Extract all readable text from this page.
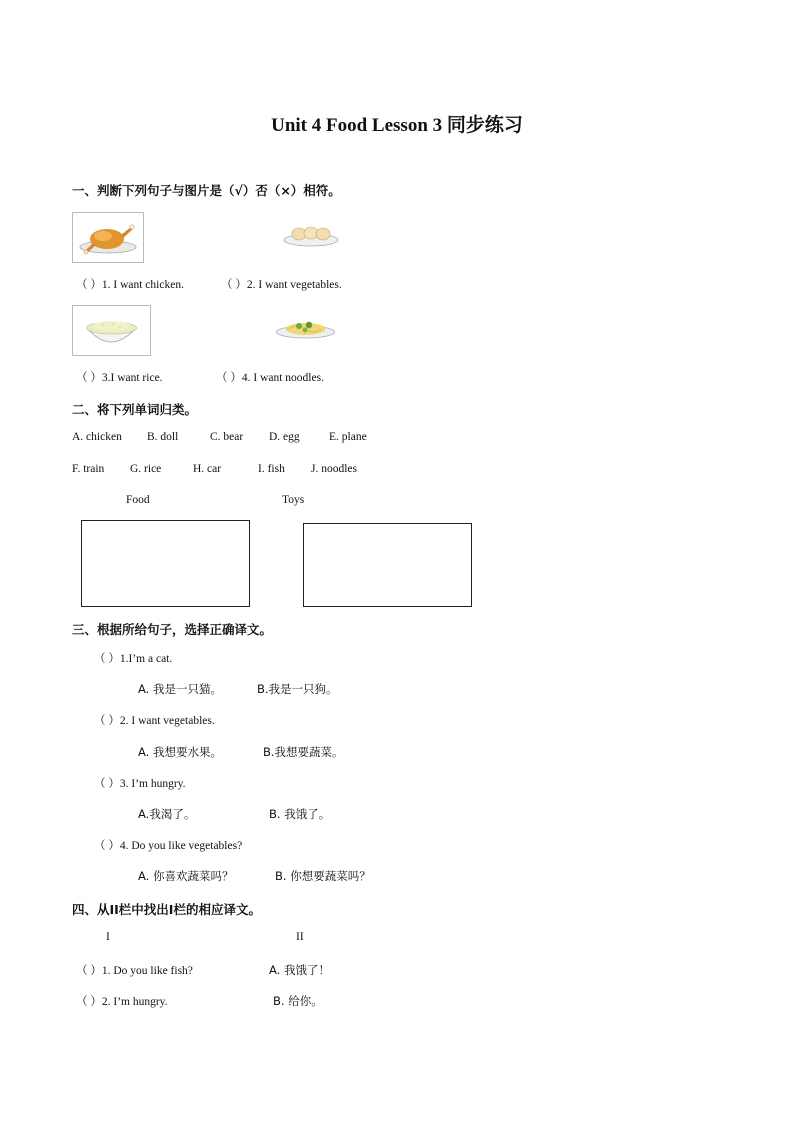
Unit 4 Food Lesson 3 同步练习
一、判断下列句子与图片是（√）否（×）相符。
（ ）1. I want chicken.	（ ）2. I want vegetables.
（ ）3.I want rice.	（ ）4. I want noodles.
二、将下列单词归类。
A. chicken B. doll	C. bear D. egg	E. plane
F. train G. rice	H. car	I. fish J. noodles
Food	Toys
三、根据所给句子，选择正确译文。
（ ）1.I’m a cat.
A. 我是一只猫。	B.我是一只狗。
（ ）2. I want vegetables.
A. 我想要水果。	B.我想要蔬菜。
（ ）3. I’m hungry.
A.我渴了。	B. 我饿了。
（ ）4. Do you like vegetables?
A. 你喜欢蔬菜吗？	B. 你想要蔬菜吗？
四、从II栏中找出I栏的相应译文。
I	II
（ ）1. Do you like fish?	A. 我饿了！
（ ）2. I’m hungry.	B. 给你。
